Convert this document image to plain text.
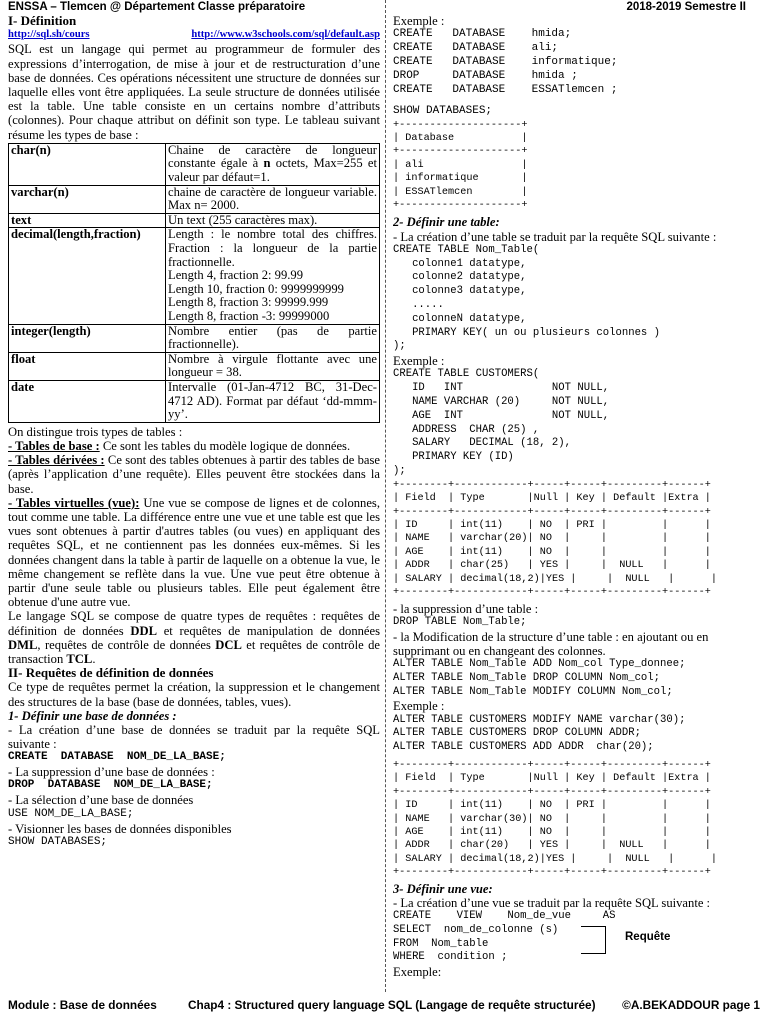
ENSSA – Tlemcen @ Département Classe préparatoire	2018-2019 Semestre II

I- Définition

http://sql.sh/cours	http://www.w3schools.com/sql/default.asp

SQL est un langage qui permet au programmeur de formuler des expressions d’interrogation, de mise à jour et de restructuration d’une base de données. Ces opérations nécessitent une structure de données sur laquelle elles vont être appliquées. La seule structure de données utilisée est la table. Une table consiste en un certains nombre d’attributs (colonnes). Pour chaque attribut on définit son type. Le tableau suivant résume les types de base :

char(n)	Chaine de caractère de longueur constante égale à n octets, Max=255 et valeur par défaut=1.
varchar(n)	chaine de caractère de longueur variable. Max n= 2000.
text	Un text (255 caractères max).
decimal(length,fraction)	Length : le nombre total des chiffres. Fraction : la longueur de la partie fractionnelle.
Length 4, fraction 2: 99.99
Length 10, fraction 0: 9999999999
Length 8, fraction 3: 99999.999
Length 8, fraction -3: 99999000

integer(length)	Nombre entier (pas de partie fractionnelle).
float	Nombre à virgule flottante avec une longueur = 38.
date	Intervalle (01-Jan-4712 BC, 31-Dec-4712 AD). Format par défaut ‘dd-mmm-yy’.

On distingue trois types de tables :

- Tables de base : Ce sont les tables du modèle logique de données.

- Tables dérivées : Ce sont des tables obtenues à partir des tables de base (après l’application d’une requête). Elles peuvent être stockées dans la base.

- Tables virtuelles (vue): Une vue se compose de lignes et de colonnes, tout comme une table. La différence entre une vue et une table est que les vues sont obtenues à partir d'autres tables (ou vues) en appliquant des requêtes SQL, et ne contiennent pas les données eux-mêmes. Si les données changent dans la table à partir de laquelle on a obtenue la vue, le même changement se reflète dans la vue. Une vue peut être obtenue à partir d'une seule table ou plusieurs tables. Elle peut également être obtenue d'une autre vue.

Le langage SQL se compose de quatre types de requêtes : requêtes de définition de données DDL et requêtes de manipulation de données DML, requêtes de contrôle de données DCL et requêtes de contrôle de transaction TCL.

II- Requêtes de définition de données

Ce type de requêtes permet la création, la suppression et le changement des structures de la base (base de données, tables, vues).

1- Définir une base de données :

- La création d’une base de données se traduit par la requête SQL suivante :

CREATE  DATABASE  NOM_DE_LA_BASE;

- La suppression d’une base de données :

DROP  DATABASE  NOM_DE_LA_BASE;

- La sélection d’une base de données

USE NOM_DE_LA_BASE;

- Visionner les bases de données disponibles

SHOW DATABASES;

Exemple :

CREATE   DATABASE    hmida;
CREATE   DATABASE    ali;
CREATE   DATABASE    informatique;
DROP     DATABASE    hmida ;
CREATE   DATABASE    ESSATlemcen ;
SHOW DATABASES;
+--------------------+
| Database           |
+--------------------+
| ali                |
| informatique       |
| ESSATlemcen        |
+--------------------+

2- Définir une table:

- La création d’une table se traduit par la requête SQL suivante :

CREATE TABLE Nom_Table(
colonne1 datatype,
colonne2 datatype,
colonne3 datatype,
.....
colonneN datatype,
PRIMARY KEY( un ou plusieurs colonnes )
);

Exemple :

CREATE TABLE CUSTOMERS(
ID   INT              NOT NULL,
NAME VARCHAR (20)     NOT NULL,
AGE  INT              NOT NULL,
ADDRESS  CHAR (25) ,
SALARY   DECIMAL (18, 2),
PRIMARY KEY (ID)
);
+--------+------------+-----+-----+---------+------+
| Field  | Type       |Null | Key | Default |Extra |
+--------+------------+-----+-----+---------+------+
| ID     | int(11)    | NO  | PRI |         |      |
| NAME   | varchar(20)| NO  |     |         |      |
| AGE    | int(11)    | NO  |     |         |      |
| ADDR   | char(25)   | YES |     |  NULL   |      |
| SALARY | decimal(18,2)|YES |     |  NULL   |      |
+--------+------------+-----+-----+---------+------+

- la suppression d’une table :

DROP TABLE Nom_Table;

- la Modification de la structure d’une table : en ajoutant ou en supprimant ou en changeant des colonnes.

ALTER TABLE Nom_Table ADD Nom_col Type_donnee;
ALTER TABLE Nom_Table DROP COLUMN Nom_col;
ALTER TABLE Nom_Table MODIFY COLUMN Nom_col;

Exemple :

ALTER TABLE CUSTOMERS MODIFY NAME varchar(30);
ALTER TABLE CUSTOMERS DROP COLUMN ADDR;
ALTER TABLE CUSTOMERS ADD ADDR  char(20);
+--------+------------+-----+-----+---------+------+
| Field  | Type       |Null | Key | Default |Extra |
+--------+------------+-----+-----+---------+------+
| ID     | int(11)    | NO  | PRI |         |      |
| NAME   | varchar(30)| NO  |     |         |      |
| AGE    | int(11)    | NO  |     |         |      |
| ADDR   | char(20)   | YES |     |  NULL   |      |
| SALARY | decimal(18,2)|YES |     |  NULL   |      |
+--------+------------+-----+-----+---------+------+

3- Définir une vue:

- La création d’une vue se traduit par la requête SQL suivante :

CREATE    VIEW    Nom_de_vue     AS
SELECT  nom_de_colonne (s)
FROM  Nom_table
WHERE  condition ;
Requête

Exemple:

Module : Base de données	Chap4 : Structured query language SQL (Langage de requête structurée) ©A.BEKADDOUR page 1
